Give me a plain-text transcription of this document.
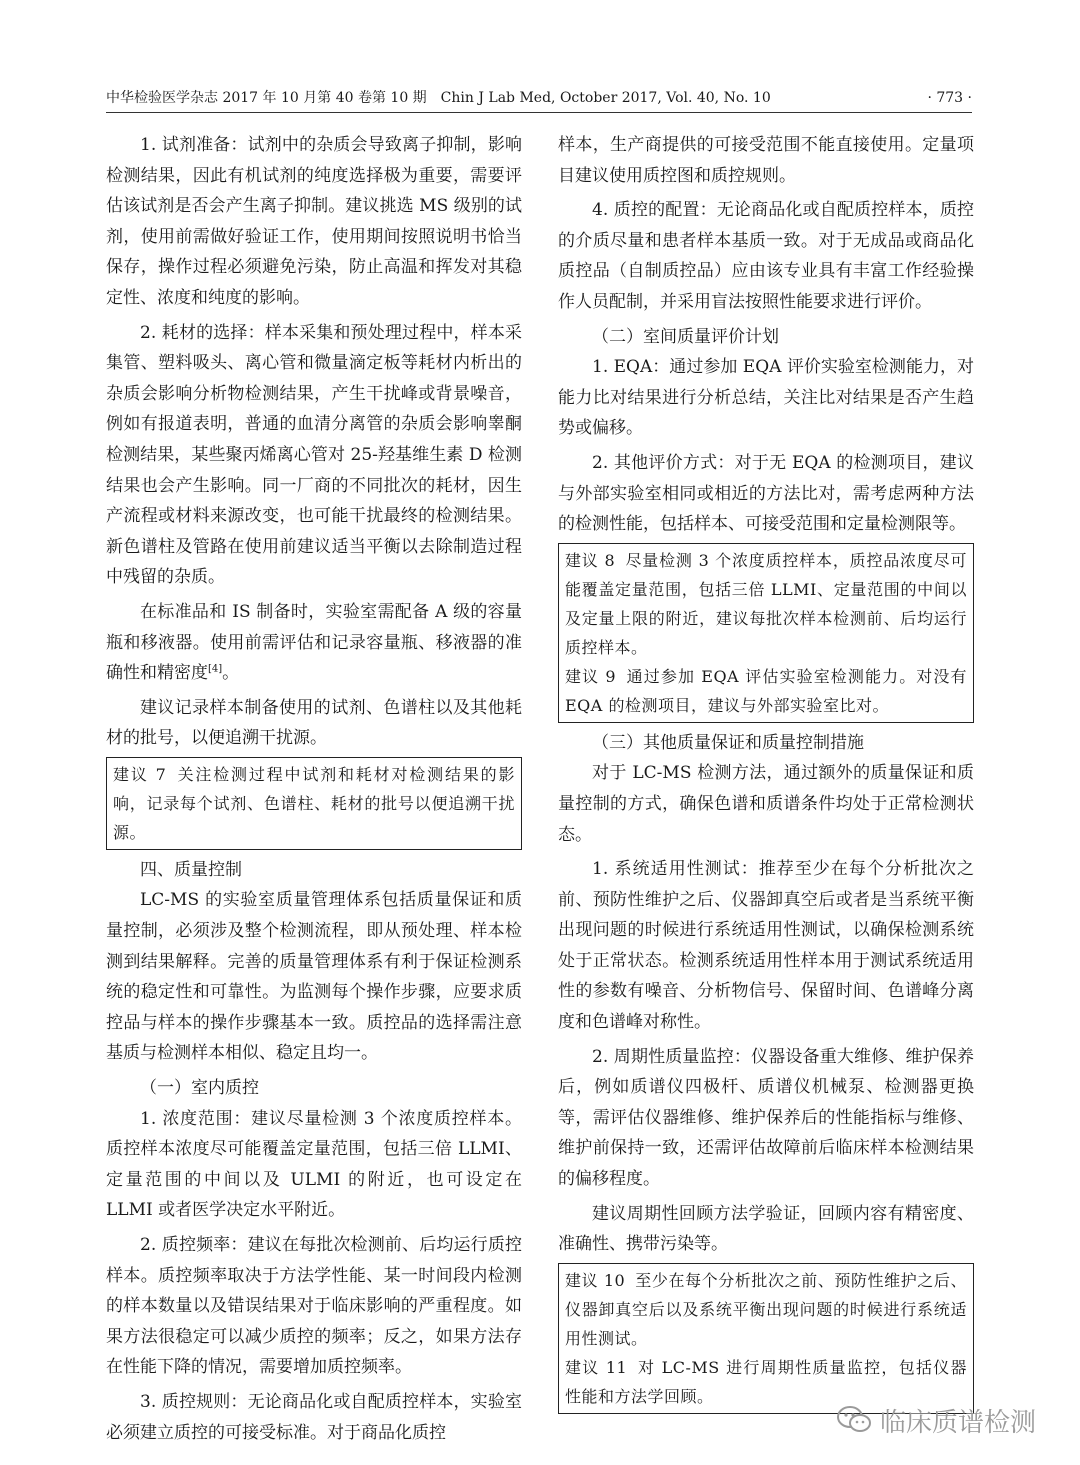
中华检验医学杂志 2017 年 10 月第 40 卷第 10 期　Chin J Lab Med, October 2017, Vol. 40, No. 10	· 773 ·

1. 试剂准备：试剂中的杂质会导致离子抑制，影响检测结果，因此有机试剂的纯度选择极为重要，需要评估该试剂是否会产生离子抑制。建议挑选 MS 级别的试剂，使用前需做好验证工作，使用期间按照说明书恰当保存，操作过程必须避免污染，防止高温和挥发对其稳定性、浓度和纯度的影响。

2. 耗材的选择：样本采集和预处理过程中，样本采集管、塑料吸头、离心管和微量滴定板等耗材内析出的杂质会影响分析物检测结果，产生干扰峰或背景噪音，例如有报道表明，普通的血清分离管的杂质会影响睾酮检测结果，某些聚丙烯离心管对 25-羟基维生素 D 检测结果也会产生影响。同一厂商的不同批次的耗材，因生产流程或材料来源改变，也可能干扰最终的检测结果。新色谱柱及管路在使用前建议适当平衡以去除制造过程中残留的杂质。

在标准品和 IS 制备时，实验室需配备 A 级的容量瓶和移液器。使用前需评估和记录容量瓶、移液器的准确性和精密度[4]。

建议记录样本制备使用的试剂、色谱柱以及其他耗材的批号，以便追溯干扰源。

建议 7 关注检测过程中试剂和耗材对检测结果的影响，记录每个试剂、色谱柱、耗材的批号以便追溯干扰源。

四、质量控制

LC-MS 的实验室质量管理体系包括质量保证和质量控制，必须涉及整个检测流程，即从预处理、样本检测到结果解释。完善的质量管理体系有利于保证检测系统的稳定性和可靠性。为监测每个操作步骤，应要求质控品与样本的操作步骤基本一致。质控品的选择需注意基质与检测样本相似、稳定且均一。

（一）室内质控

1. 浓度范围：建议尽量检测 3 个浓度质控样本。质控样本浓度尽可能覆盖定量范围，包括三倍 LLMI、定量范围的中间以及 ULMI 的附近，也可设定在 LLMI 或者医学决定水平附近。

2. 质控频率：建议在每批次检测前、后均运行质控样本。质控频率取决于方法学性能、某一时间段内检测的样本数量以及错误结果对于临床影响的严重程度。如果方法很稳定可以减少质控的频率；反之，如果方法存在性能下降的情况，需要增加质控频率。

3. 质控规则：无论商品化或自配质控样本，实验室必须建立质控的可接受标准。对于商品化质控

样本，生产商提供的可接受范围不能直接使用。定量项目建议使用质控图和质控规则。

4. 质控的配置：无论商品化或自配质控样本，质控的介质尽量和患者样本基质一致。对于无成品或商品化质控品（自制质控品）应由该专业具有丰富工作经验操作人员配制，并采用盲法按照性能要求进行评价。

（二）室间质量评价计划

1. EQA：通过参加 EQA 评价实验室检测能力，对能力比对结果进行分析总结，关注比对结果是否产生趋势或偏移。

2. 其他评价方式：对于无 EQA 的检测项目，建议与外部实验室相同或相近的方法比对，需考虑两种方法的检测性能，包括样本、可接受范围和定量检测限等。

建议 8 尽量检测 3 个浓度质控样本，质控品浓度尽可能覆盖定量范围，包括三倍 LLMI、定量范围的中间以及定量上限的附近，建议每批次样本检测前、后均运行质控样本。

建议 9 通过参加 EQA 评估实验室检测能力。对没有 EQA 的检测项目，建议与外部实验室比对。

（三）其他质量保证和质量控制措施

对于 LC-MS 检测方法，通过额外的质量保证和质量控制的方式，确保色谱和质谱条件均处于正常检测状态。

1. 系统适用性测试：推荐至少在每个分析批次之前、预防性维护之后、仪器卸真空后或者是当系统平衡出现问题的时候进行系统适用性测试，以确保检测系统处于正常状态。检测系统适用性样本用于测试系统适用性的参数有噪音、分析物信号、保留时间、色谱峰分离度和色谱峰对称性。

2. 周期性质量监控：仪器设备重大维修、维护保养后，例如质谱仪四极杆、质谱仪机械泵、检测器更换等，需评估仪器维修、维护保养后的性能指标与维修、维护前保持一致，还需评估故障前后临床样本检测结果的偏移程度。

建议周期性回顾方法学验证，回顾内容有精密度、准确性、携带污染等。

建议 10 至少在每个分析批次之前、预防性维护之后、仪器卸真空后以及系统平衡出现问题的时候进行系统适用性测试。

建议 11 对 LC-MS 进行周期性质量监控，包括仪器性能和方法学回顾。

临床质谱检测
